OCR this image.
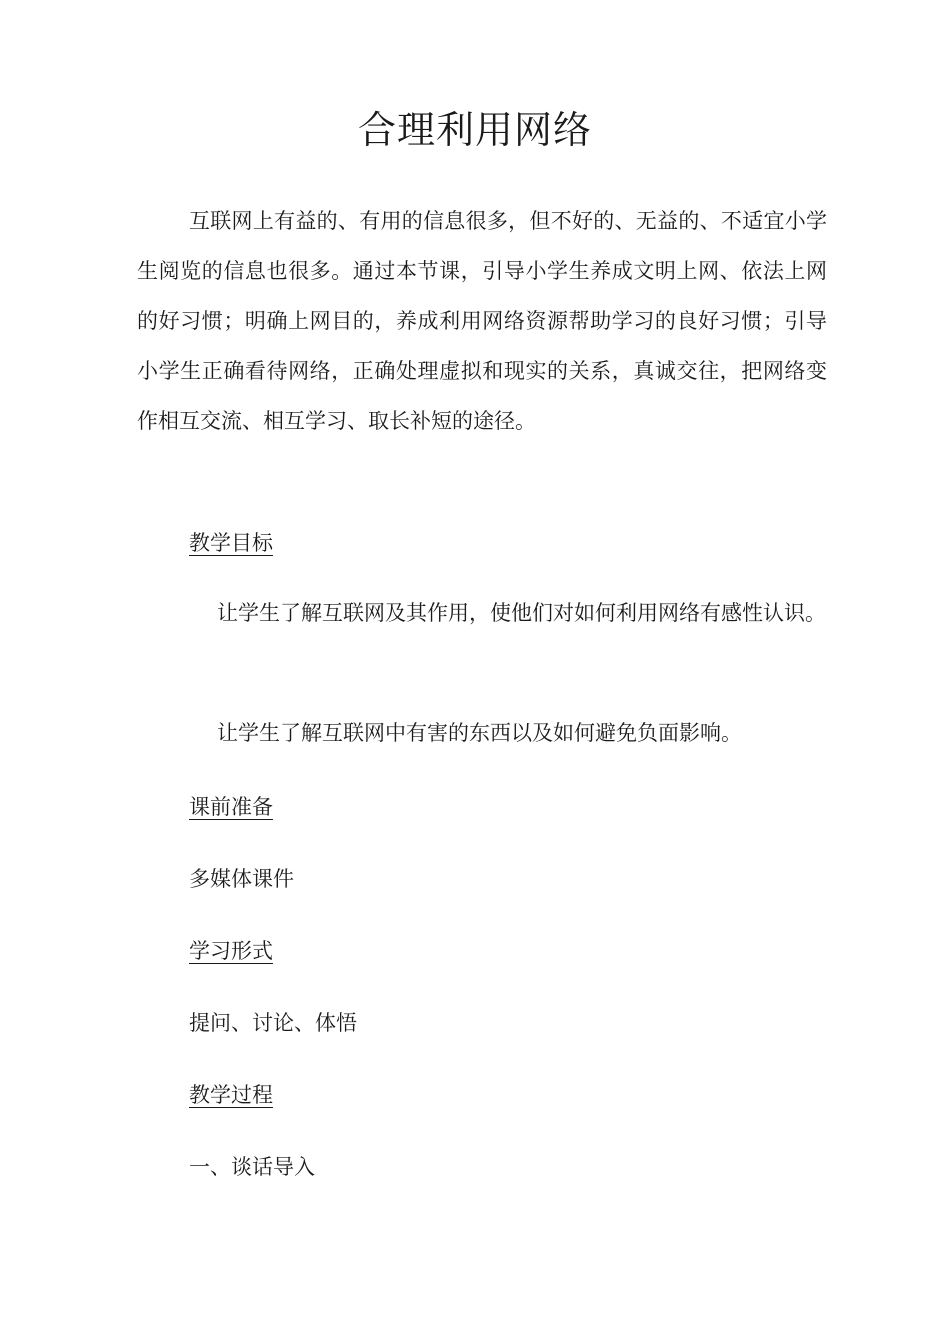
合理利用网络

互联网上有益的、有用的信息很多，但不好的、无益的、不适宜小学生阅览的信息也很多。通过本节课，引导小学生养成文明上网、依法上网的好习惯；明确上网目的，养成利用网络资源帮助学习的良好习惯；引导小学生正确看待网络，正确处理虚拟和现实的关系，真诚交往，把网络变作相互交流、相互学习、取长补短的途径。

教学目标

让学生了解互联网及其作用，使他们对如何利用网络有感性认识。

让学生了解互联网中有害的东西以及如何避免负面影响。

课前准备
多媒体课件
学习形式
提问、讨论、体悟
教学过程
一、谈话导入
